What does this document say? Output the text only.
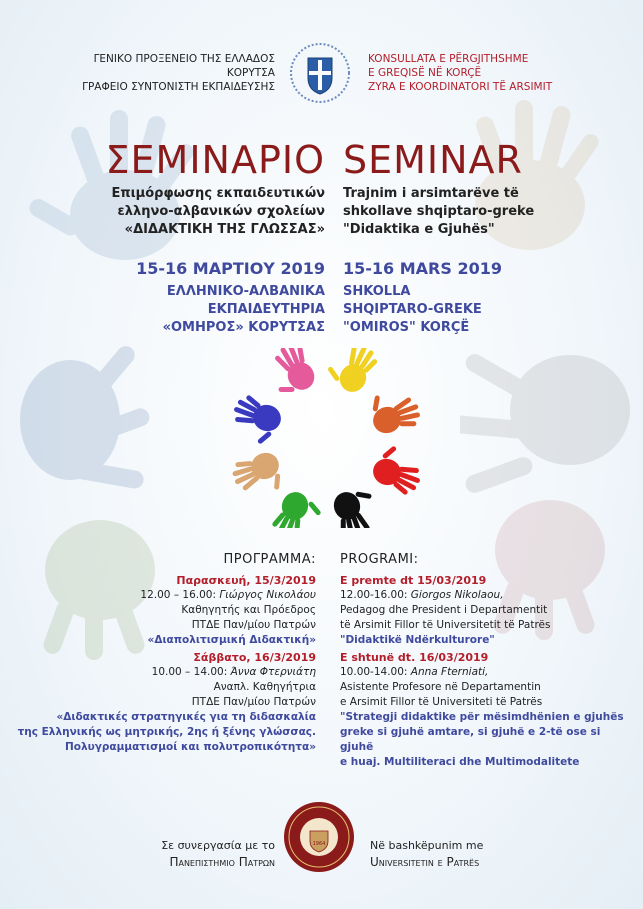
ΓΕΝΙΚΟ ΠΡΟΞΕΝΕΙΟ ΤΗΣ ΕΛΛΑΔΟΣ
ΚΟΡΥΤΣΑ
ΓΡΑΦΕΙΟ ΣΥΝΤΟΝΙΣΤΗ ΕΚΠΑΙΔΕΥΣΗΣ
KONSULLATA E PËRGJITHSHME
E GREQISË NË KORÇË
ZYRA E KOORDINATORI TË ARSIMIT
ΣΕΜΙΝΑΡΙΟ SEMINAR
Επιμόρφωσης εκπαιδευτικών
ελληνο-αλβανικών σχολείων
«ΔΙΔΑΚΤΙΚΗ ΤΗΣ ΓΛΩΣΣΑΣ»
Trajnim i arsimtarëve të
shkollave shqiptaro-greke
"Didaktika e Gjuhës"
15-16 ΜΑΡΤΙΟΥ 2019 15-16 MARS 2019
ΕΛΛΗΝΙΚΟ-ΑΛΒΑΝΙΚΑ
ΕΚΠΑΙΔΕΥΤΗΡΙΑ
«ΟΜΗΡΟΣ» ΚΟΡΥΤΣΑΣ
SHKOLLA
SHQIPTARO-GREKE
"OMIROS" KORÇË
ΠΡΟΓΡΑΜΜΑ:
Παρασκευή, 15/3/2019
12.00 – 16.00: Γιώργος Νικολάου
Καθηγητής και Πρόεδρος
ΠΤΔΕ Παν/μίου Πατρών
«Διαπολιτισμική Διδακτική»
Σάββατο, 16/3/2019
10.00 – 14.00: Άννα Φτερνιάτη
Αναπλ. Καθηγήτρια
ΠΤΔΕ Παν/μίου Πατρών
«Διδακτικές στρατηγικές για τη διδασκαλία
της Ελληνικής ως μητρικής, 2ης ή ξένης γλώσσας.
Πολυγραμματισμοί και πολυτροπικότητα»
PROGRAMI:
E premte dt 15/03/2019
12.00-16.00: Giorgos Nikolaou,
Pedagog dhe President i Departamentit
të Arsimit Fillor të Universitetit të Patrës
"Didaktikë Ndërkulturore"
E shtunë dt. 16/03/2019
10.00-14.00: Anna Fterniati,
Asistente Profesore në Departamentin
e Arsimit Fillor të Universiteti të Patrës
"Strategji didaktike për mësimdhënien e gjuhës
greke si gjuhë amtare, si gjuhë e 2-të ose si gjuhë
e huaj. Multiliteraci dhe Multimodalitete
Σε συνεργασία με το
Πανεπιστημιο Πατρων
1964	Në bashkëpunim me
Universitetin e Patrës
